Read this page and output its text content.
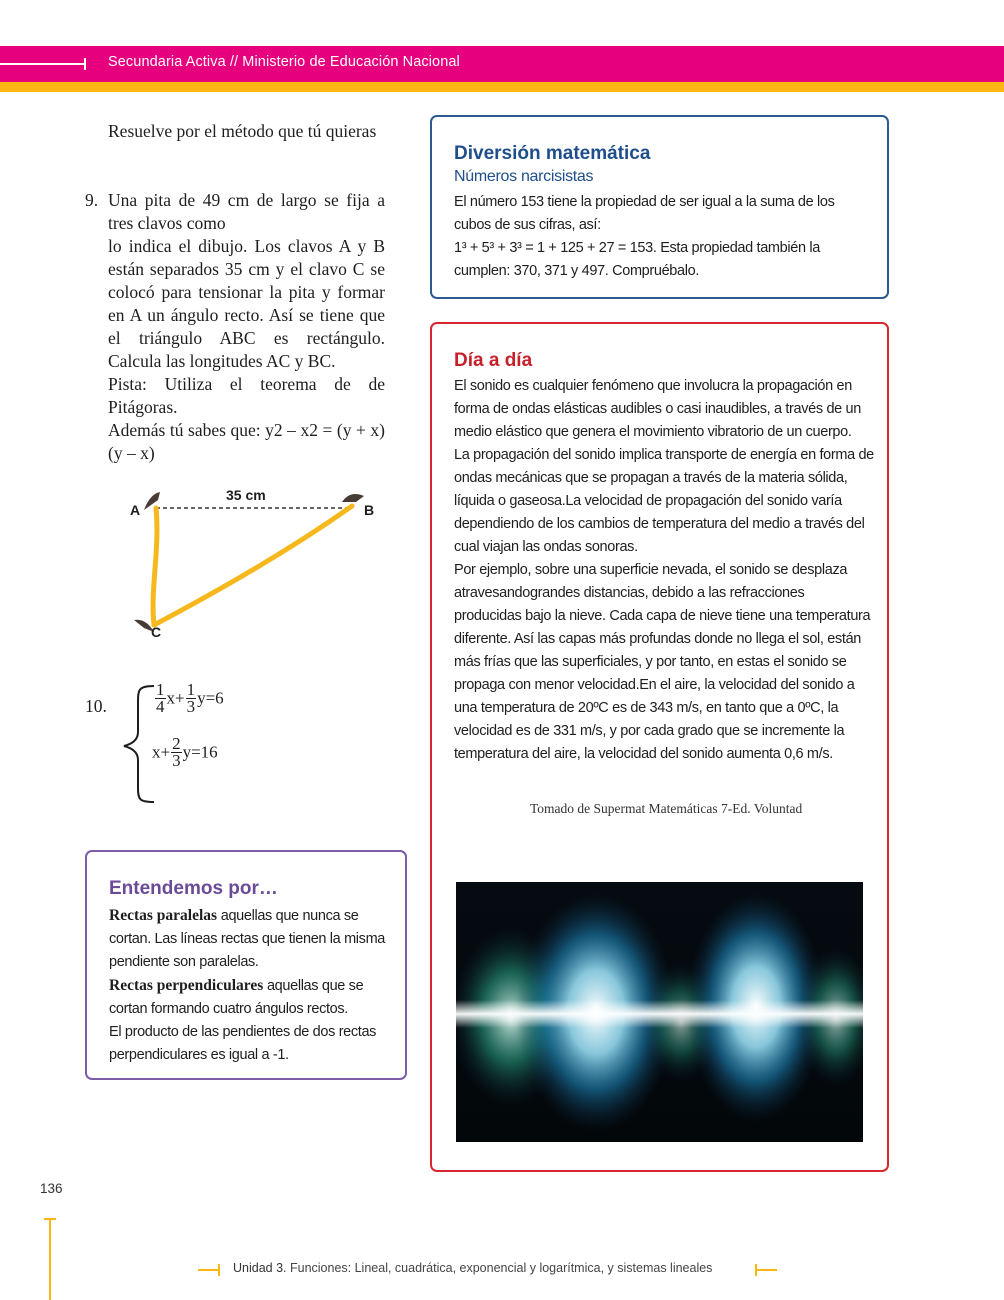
Secundaria Activa // Ministerio de Educación Nacional
Resuelve por el método que tú quieras
9. Una pita de 49 cm de largo se fija a tres clavos como

lo indica el dibujo. Los clavos A y B están separados 35 cm y el clavo C se colocó para tensionar la pita y formar en A un ángulo recto. Así se tiene que el triángulo ABC es rectángulo. Calcula las longitudes AC y BC.

Pista: Utiliza el teorema de de Pitágoras.

Además tú sabes que: y2 – x2 = (y + x) (y – x)

35 cm
A	B
C
10.	$\frac{1}{4} x+ \frac{1}{3} y=6$
$x+ \frac{2}{3} y=16$
Entendemos por…

Rectas paralelas aquellas que nunca se cortan. Las líneas rectas que tienen la misma pendiente son paralelas.

Rectas perpendiculares aquellas que se cortan formando cuatro ángulos rectos.

El producto de las pendientes de dos rectas perpendiculares es igual a -1.

Diversión matemática
Números narcisistas

El número 153 tiene la propiedad de ser igual a la suma de los cubos de sus cifras, así:

1³ + 5³ + 3³ = 1 + 125 + 27 = 153. Esta propiedad también la cumplen: 370, 371 y 497. Compruébalo.

Día a día

El sonido es cualquier fenómeno que involucra la propagación en forma de ondas elásticas audibles o casi inaudibles, a través de un medio elástico que genera el movimiento vibratorio de un cuerpo.

La propagación del sonido implica transporte de energía en forma de ondas mecánicas que se propagan a través de la materia sólida, líquida o gaseosa.La velocidad de propagación del sonido varía dependiendo de los cambios de temperatura del medio a través del cual viajan las ondas sonoras.

Por ejemplo, sobre una superficie nevada, el sonido se desplaza atravesandograndes distancias, debido a las refracciones producidas bajo la nieve. Cada capa de nieve tiene una temperatura diferente. Así las capas más profundas donde no llega el sol, están más frías que las superficiales, y por tanto, en estas el sonido se propaga con menor velocidad.En el aire, la velocidad del sonido a una temperatura de 20ºC es de 343 m/s, en tanto que a 0ºC, la velocidad es de 331 m/s, y por cada grado que se incremente la temperatura del aire, la velocidad del sonido aumenta 0,6 m/s.

Tomado de Supermat Matemáticas 7-Ed. Voluntad
136
Unidad 3. Funciones: Lineal, cuadrática, exponencial y logarítmica, y sistemas lineales
